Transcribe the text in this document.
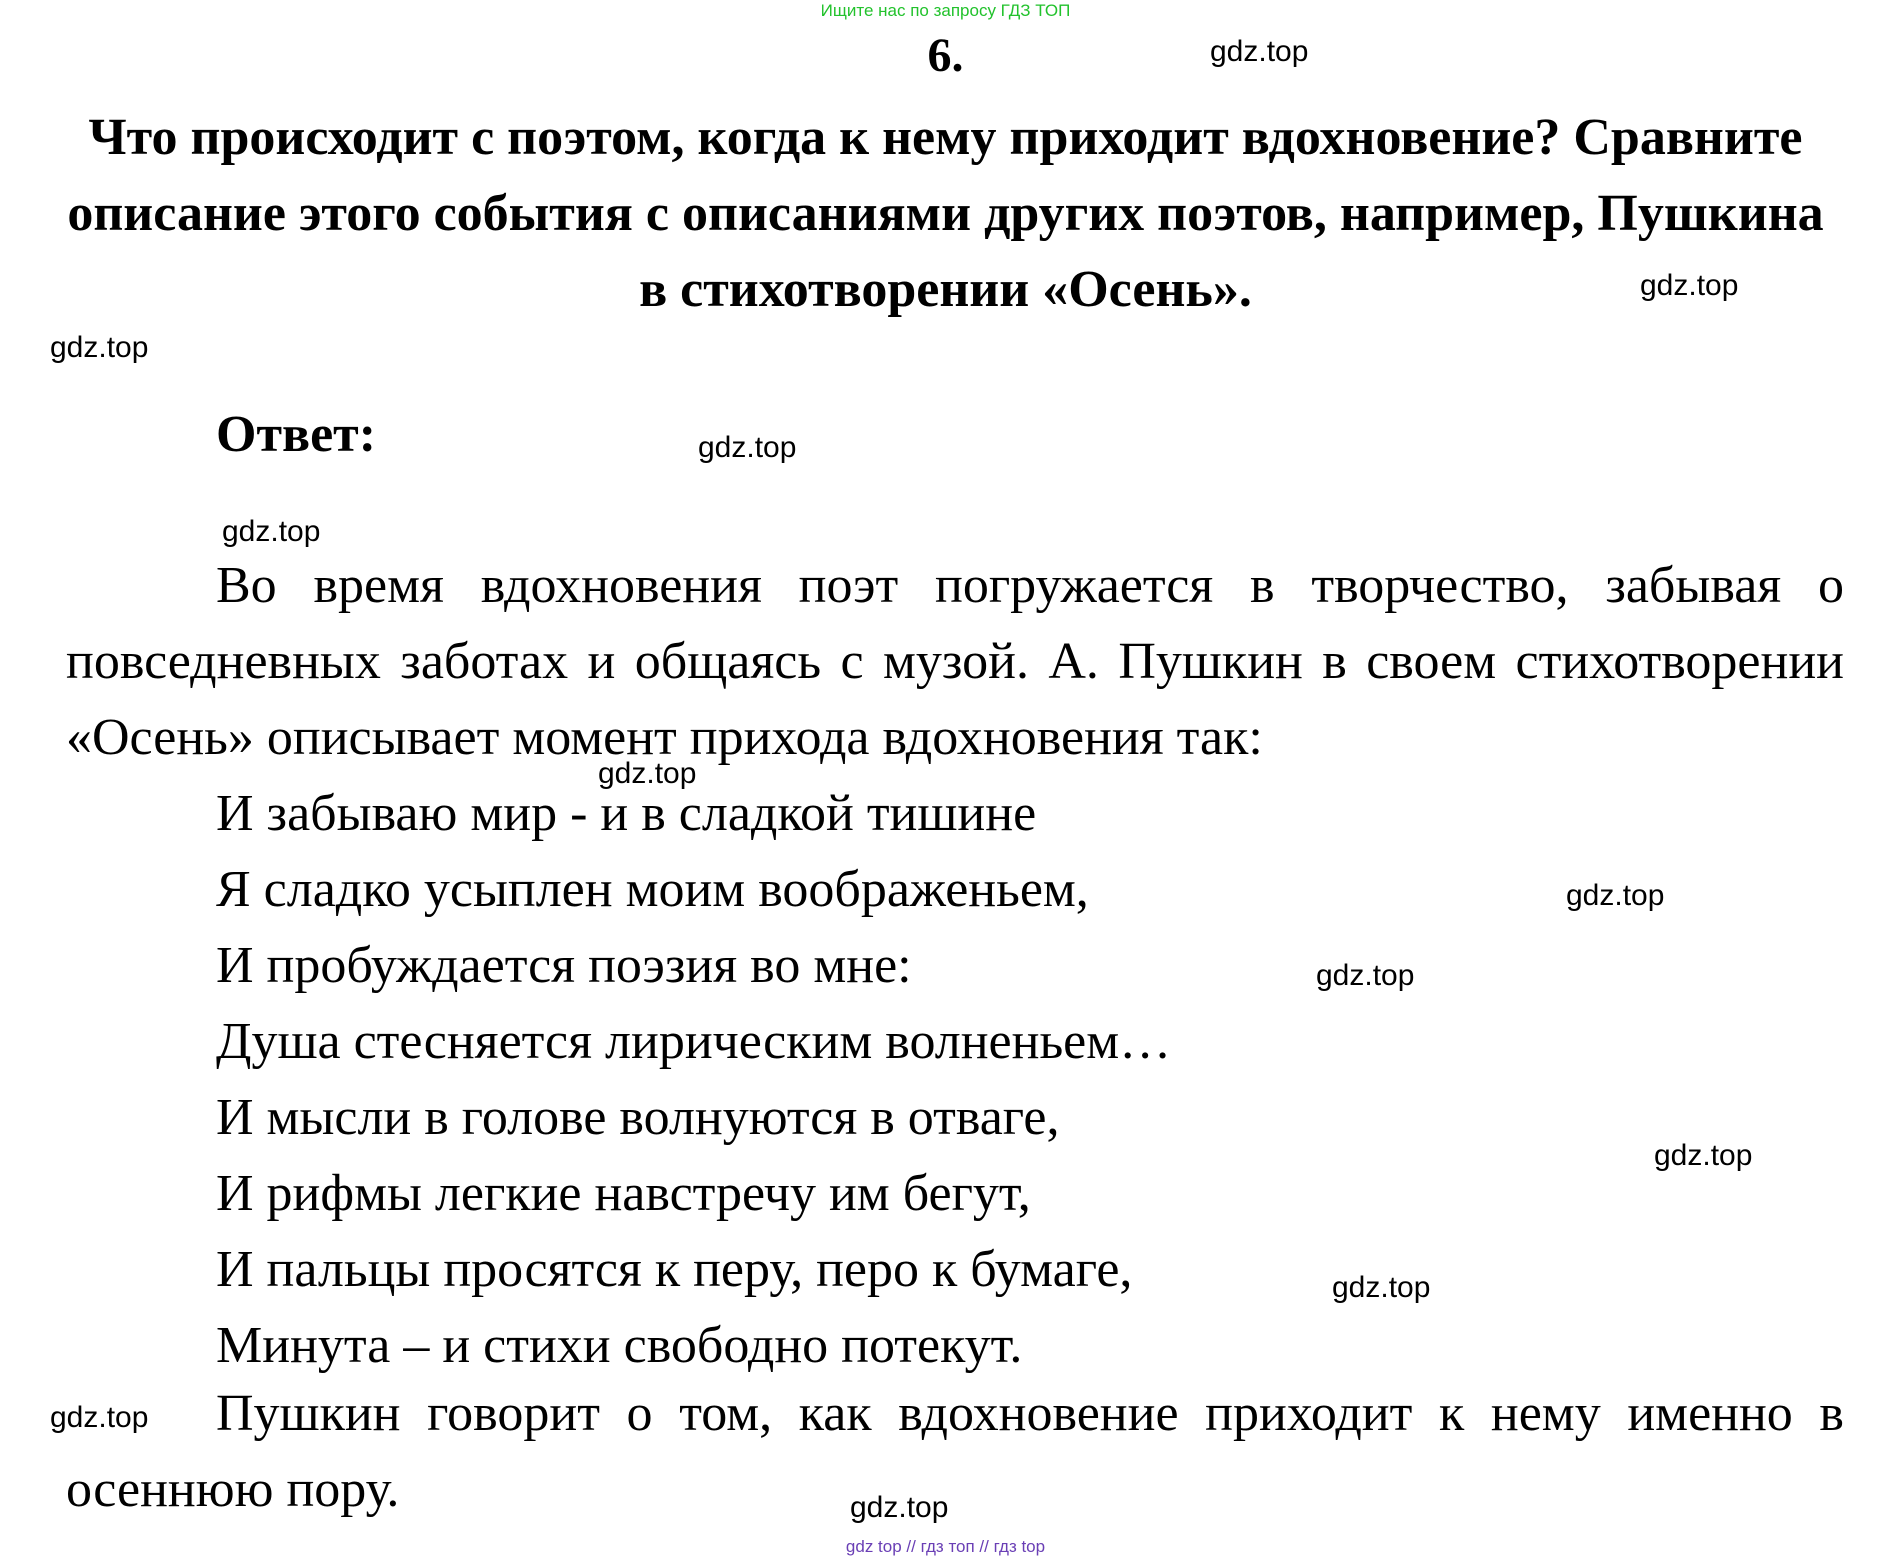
Ищите нас по запросу ГДЗ ТОП
6.
Что происходит с поэтом, когда к нему приходит вдохновение? Сравните описание этого события с описаниями других поэтов, например, Пушкина в стихотворении «Осень».
Ответ:
Во время вдохновения поэт погружается в творчество, забывая о повседневных заботах и общаясь с музой. А. Пушкин в своем стихотворении «Осень» описывает момент прихода вдохновения так:
И забываю мир - и в сладкой тишине
Я сладко усыплен моим воображеньем,
И пробуждается поэзия во мне:
Душа стесняется лирическим волненьем…
И мысли в голове волнуются в отваге,
И рифмы легкие навстречу им бегут,
И пальцы просятся к перу, перо к бумаге,
Минута – и стихи свободно потекут.
Пушкин говорит о том, как вдохновение приходит к нему именно в осеннюю пору.
gdz.top
gdz.top
gdz.top
gdz.top
gdz.top
gdz.top
gdz.top
gdz.top
gdz.top
gdz.top
gdz.top
gdz.top
gdz top // гдз топ // гдз top
